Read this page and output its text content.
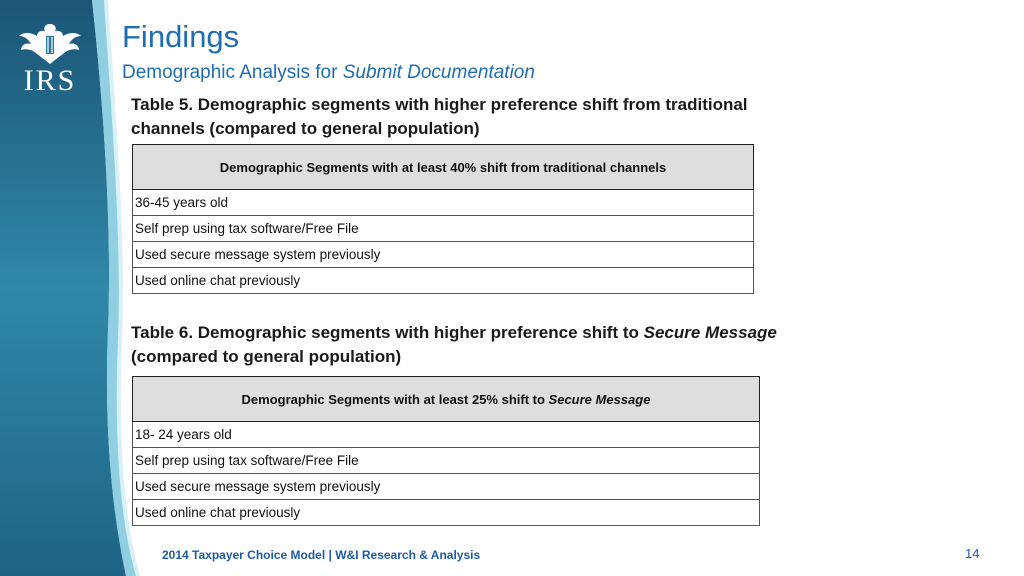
IRS
Findings
Demographic Analysis for Submit Documentation
Table 5. Demographic segments with higher preference shift from traditional channels (compared to general population)
Demographic Segments with at least 40% shift from traditional channels
36-45 years old
Self prep using tax software/Free File
Used secure message system previously
Used online chat previously
Table 6. Demographic segments with higher preference shift to Secure Message (compared to general population)
Demographic Segments with at least 25% shift to Secure Message
18- 24 years old
Self prep using tax software/Free File
Used secure message system previously
Used online chat previously
2014 Taxpayer Choice Model | W&I Research & Analysis	14
